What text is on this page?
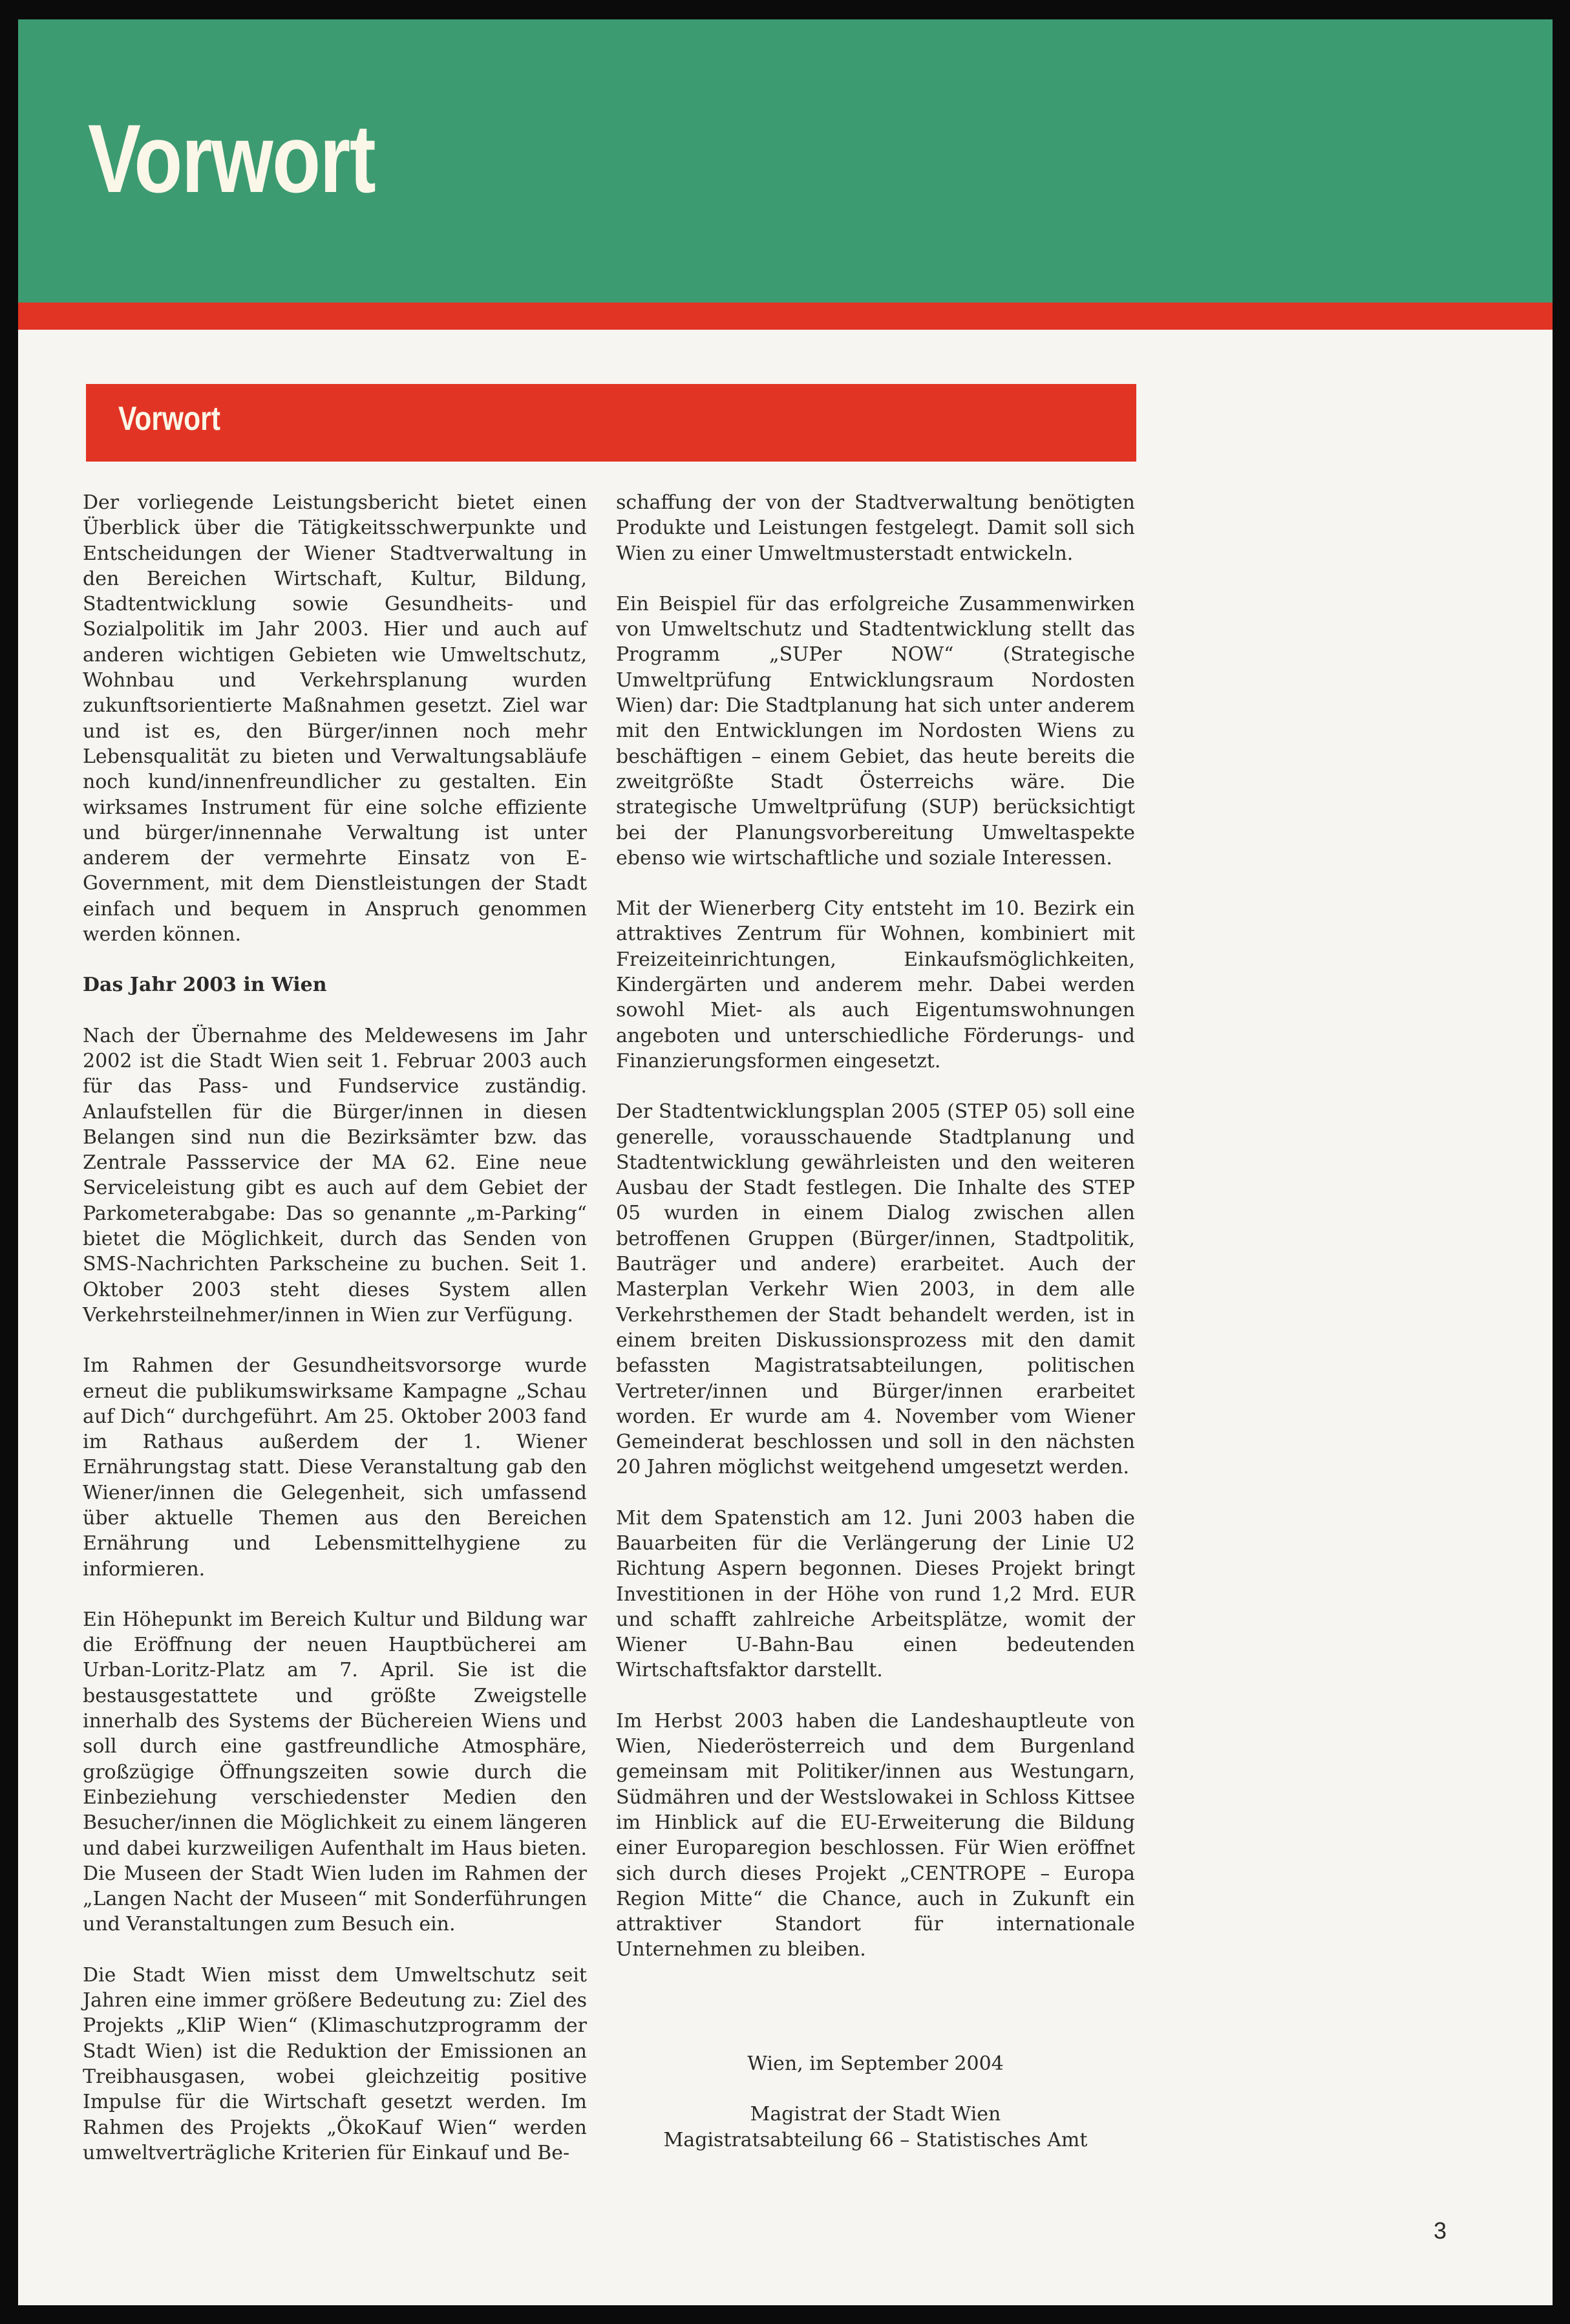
Vorwort
Vorwort

Der vorliegende Leistungsbericht bietet einen Überblick über die Tätigkeitsschwerpunkte und Entscheidungen der Wiener Stadtverwaltung in den Bereichen Wirtschaft, Kultur, Bildung, Stadtentwicklung sowie Gesundheits- und Sozialpolitik im Jahr 2003. Hier und auch auf anderen wichtigen Gebieten wie Umweltschutz, Wohnbau und Verkehrsplanung wurden zukunftsorientierte Maßnahmen gesetzt. Ziel war und ist es, den Bürger/innen noch mehr Lebensqualität zu bieten und Verwaltungsabläufe noch kund/innenfreundlicher zu gestalten. Ein wirksames Instrument für eine solche effiziente und bürger/innennahe Verwaltung ist unter anderem der vermehrte Einsatz von E-Government, mit dem Dienstleistungen der Stadt einfach und bequem in Anspruch genommen werden können.

Das Jahr 2003 in Wien

Nach der Übernahme des Meldewesens im Jahr 2002 ist die Stadt Wien seit 1. Februar 2003 auch für das Pass- und Fundservice zuständig. Anlaufstellen für die Bürger/innen in diesen Belangen sind nun die Bezirksämter bzw. das Zentrale Passservice der MA 62. Eine neue Serviceleistung gibt es auch auf dem Gebiet der Parkometerabgabe: Das so genannte „m-Parking“ bietet die Möglichkeit, durch das Senden von SMS-Nachrichten Parkscheine zu buchen. Seit 1. Oktober 2003 steht dieses System allen Verkehrsteilnehmer/innen in Wien zur Verfügung.

Im Rahmen der Gesundheitsvorsorge wurde erneut die publikumswirksame Kampagne „Schau auf Dich“ durchgeführt. Am 25. Oktober 2003 fand im Rathaus außerdem der 1. Wiener Ernährungstag statt. Diese Veranstaltung gab den Wiener/innen die Gelegenheit, sich umfassend über aktuelle Themen aus den Bereichen Ernährung und Lebensmittelhygiene zu informieren.

Ein Höhepunkt im Bereich Kultur und Bildung war die Eröffnung der neuen Hauptbücherei am Urban-Loritz-Platz am 7. April. Sie ist die bestausgestattete und größte Zweigstelle innerhalb des Systems der Büchereien Wiens und soll durch eine gastfreundliche Atmosphäre, großzügige Öffnungszeiten sowie durch die Einbeziehung verschiedenster Medien den Besucher/innen die Möglichkeit zu einem längeren und dabei kurzweiligen Aufenthalt im Haus bieten. Die Museen der Stadt Wien luden im Rahmen der „Langen Nacht der Museen“ mit Sonderführungen und Veranstaltungen zum Besuch ein.

Die Stadt Wien misst dem Umweltschutz seit Jahren eine immer größere Bedeutung zu: Ziel des Projekts „KliP Wien“ (Klimaschutzprogramm der Stadt Wien) ist die Reduktion der Emissionen an Treibhausgasen, wobei gleichzeitig positive Impulse für die Wirtschaft gesetzt werden. Im Rahmen des Projekts „ÖkoKauf Wien“ werden umweltverträgliche Kriterien für Einkauf und Be-

schaffung der von der Stadtverwaltung benötigten Produkte und Leistungen festgelegt. Damit soll sich Wien zu einer Umweltmusterstadt entwickeln.

Ein Beispiel für das erfolgreiche Zusammenwirken von Umweltschutz und Stadtentwicklung stellt das Programm „SUPer NOW“ (Strategische Umweltprüfung Entwicklungsraum Nordosten Wien) dar: Die Stadtplanung hat sich unter anderem mit den Entwicklungen im Nordosten Wiens zu beschäftigen – einem Gebiet, das heute bereits die zweitgrößte Stadt Österreichs wäre. Die strategische Umweltprüfung (SUP) berücksichtigt bei der Planungsvorbereitung Umweltaspekte ebenso wie wirtschaftliche und soziale Interessen.

Mit der Wienerberg City entsteht im 10. Bezirk ein attraktives Zentrum für Wohnen, kombiniert mit Freizeiteinrichtungen, Einkaufsmöglichkeiten, Kindergärten und anderem mehr. Dabei werden sowohl Miet- als auch Eigentumswohnungen angeboten und unterschiedliche Förderungs- und Finanzierungsformen eingesetzt.

Der Stadtentwicklungsplan 2005 (STEP 05) soll eine generelle, vorausschauende Stadtplanung und Stadtentwicklung gewährleisten und den weiteren Ausbau der Stadt festlegen. Die Inhalte des STEP 05 wurden in einem Dialog zwischen allen betroffenen Gruppen (Bürger/innen, Stadtpolitik, Bauträger und andere) erarbeitet. Auch der Masterplan Verkehr Wien 2003, in dem alle Verkehrsthemen der Stadt behandelt werden, ist in einem breiten Diskussionsprozess mit den damit befassten Magistratsabteilungen, politischen Vertreter/innen und Bürger/innen erarbeitet worden. Er wurde am 4. November vom Wiener Gemeinderat beschlossen und soll in den nächsten 20 Jahren möglichst weitgehend umgesetzt werden.

Mit dem Spatenstich am 12. Juni 2003 haben die Bauarbeiten für die Verlängerung der Linie U2 Richtung Aspern begonnen. Dieses Projekt bringt Investitionen in der Höhe von rund 1,2 Mrd. EUR und schafft zahlreiche Arbeitsplätze, womit der Wiener U-Bahn-Bau einen bedeutenden Wirtschaftsfaktor darstellt.

Im Herbst 2003 haben die Landeshauptleute von Wien, Niederösterreich und dem Burgenland gemeinsam mit Politiker/innen aus Westungarn, Südmähren und der Westslowakei in Schloss Kittsee im Hinblick auf die EU-Erweiterung die Bildung einer Europaregion beschlossen. Für Wien eröffnet sich durch dieses Projekt „CENTROPE – Europa Region Mitte“ die Chance, auch in Zukunft ein attraktiver Standort für internationale Unternehmen zu bleiben.

Wien, im September 2004

Magistrat der Stadt Wien
Magistratsabteilung 66 – Statistisches Amt
3
